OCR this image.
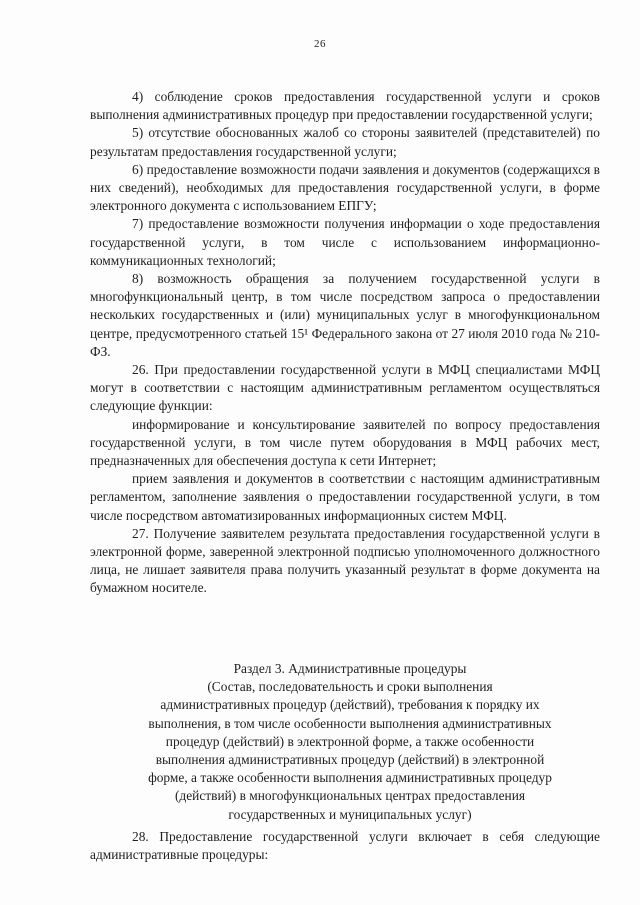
26

4) соблюдение сроков предоставления государственной услуги и сроков выполнения административных процедур при предоставлении государственной услуги;

5) отсутствие обоснованных жалоб со стороны заявителей (представителей) по результатам предоставления государственной услуги;

6) предоставление возможности подачи заявления и документов (содержащихся в них сведений), необходимых для предоставления государственной услуги, в форме электронного документа с использованием ЕПГУ;

7) предоставление возможности получения информации о ходе предоставления государственной услуги, в том числе с использованием информационно-коммуникационных технологий;

8) возможность обращения за получением государственной услуги в многофункциональный центр, в том числе посредством запроса о предоставлении нескольких государственных и (или) муниципальных услуг в многофункциональном центре, предусмотренного статьей 15¹ Федерального закона от 27 июля 2010 года № 210-ФЗ.

26. При предоставлении государственной услуги в МФЦ специалистами МФЦ могут в соответствии с настоящим административным регламентом осуществляться следующие функции:

информирование и консультирование заявителей по вопросу предоставления государственной услуги, в том числе путем оборудования в МФЦ рабочих мест, предназначенных для обеспечения доступа к сети Интернет;

прием заявления и документов в соответствии с настоящим административным регламентом, заполнение заявления о предоставлении государственной услуги, в том числе посредством автоматизированных информационных систем МФЦ.

27. Получение заявителем результата предоставления государственной услуги в электронной форме, заверенной электронной подписью уполномоченного должностного лица, не лишает заявителя права получить указанный результат в форме документа на бумажном носителе.

Раздел 3. Административные процедуры
(Состав, последовательность и сроки выполнения
административных процедур (действий), требования к порядку их
выполнения, в том числе особенности выполнения административных
процедур (действий) в электронной форме, а также особенности
выполнения административных процедур (действий) в электронной
форме, а также особенности выполнения административных процедур
(действий) в многофункциональных центрах предоставления
государственных и муниципальных услуг)

28. Предоставление государственной услуги включает в себя следующие административные процедуры:
